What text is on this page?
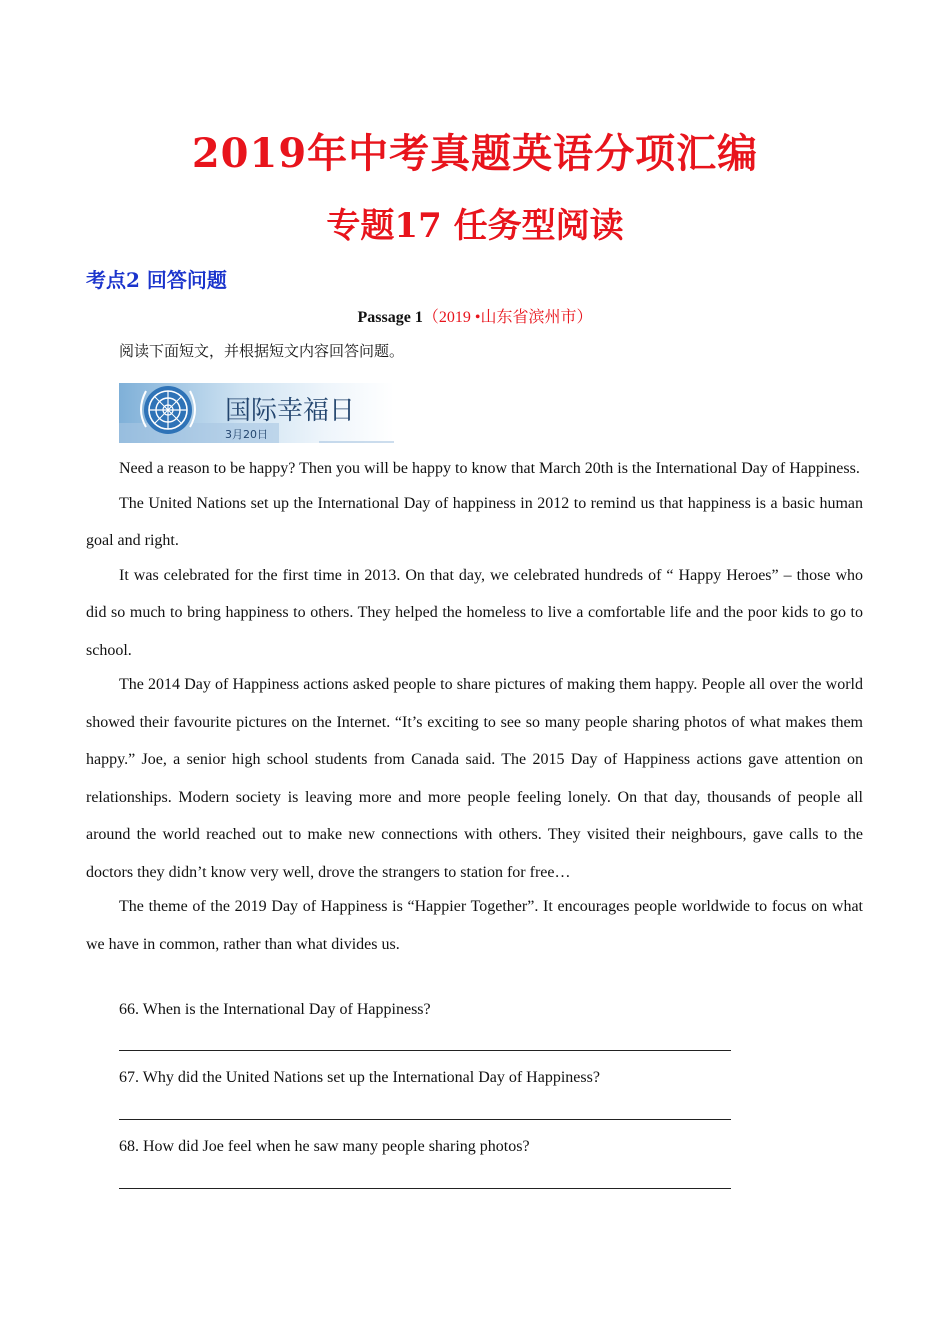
2019年中考真题英语分项汇编
专题17 任务型阅读
考点2 回答问题
Passage 1（2019 •山东省滨州市）
阅读下面短文，并根据短文内容回答问题。
国际幸福日
3月20日

Need a reason to be happy? Then you will be happy to know that March 20th is the International Day of Happiness.

The United Nations set up the International Day of happiness in 2012 to remind us that happiness is a basic human goal and right.

It was celebrated for the first time in 2013. On that day, we celebrated hundreds of “ Happy Heroes” – those who did so much to bring happiness to others. They helped the homeless to live a comfortable life and the poor kids to go to school.

The 2014 Day of Happiness actions asked people to share pictures of making them happy. People all over the world showed their favourite pictures on the Internet. “It’s exciting to see so many people sharing photos of what makes them happy.” Joe, a senior high school students from Canada said. The 2015 Day of Happiness actions gave attention on relationships. Modern society is leaving more and more people feeling lonely. On that day, thousands of people all around the world reached out to make new connections with others. They visited their neighbours, gave calls to the doctors they didn’t know very well, drove the strangers to station for free…

The theme of the 2019 Day of Happiness is “Happier Together”. It encourages people worldwide to focus on what we have in common, rather than what divides us.

66. When is the International Day of Happiness?
67. Why did the United Nations set up the International Day of Happiness?
68. How did Joe feel when he saw many people sharing photos?
